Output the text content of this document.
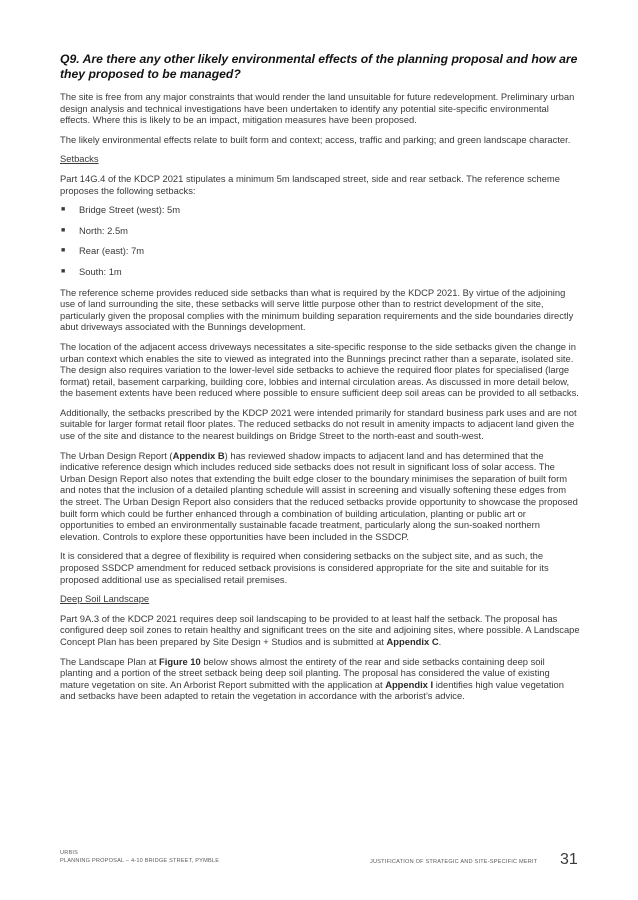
Q9. Are there any other likely environmental effects of the planning proposal and how are they proposed to be managed?

The site is free from any major constraints that would render the land unsuitable for future redevelopment. Preliminary urban design analysis and technical investigations have been undertaken to identify any potential site-specific environmental effects. Where this is likely to be an impact, mitigation measures have been proposed.

The likely environmental effects relate to built form and context; access, traffic and parking; and green landscape character.

Setbacks

Part 14G.4 of the KDCP 2021 stipulates a minimum 5m landscaped street, side and rear setback. The reference scheme proposes the following setbacks:

■ Bridge Street (west): 5m
■ North: 2.5m
■ Rear (east): 7m
■ South: 1m

The reference scheme provides reduced side setbacks than what is required by the KDCP 2021. By virtue of the adjoining use of land surrounding the site, these setbacks will serve little purpose other than to restrict development of the site, particularly given the proposal complies with the minimum building separation requirements and the side boundaries directly abut driveways associated with the Bunnings development.

The location of the adjacent access driveways necessitates a site-specific response to the side setbacks given the change in urban context which enables the site to viewed as integrated into the Bunnings precinct rather than a separate, isolated site. The design also requires variation to the lower-level side setbacks to achieve the required floor plates for specialised (large format) retail, basement carparking, building core, lobbies and internal circulation areas. As discussed in more detail below, the basement extents have been reduced where possible to ensure sufficient deep soil areas can be provided to all setbacks.

Additionally, the setbacks prescribed by the KDCP 2021 were intended primarily for standard business park uses and are not suitable for larger format retail floor plates. The reduced setbacks do not result in amenity impacts to adjacent land given the use of the site and distance to the nearest buildings on Bridge Street to the north-east and south-west.

The Urban Design Report (Appendix B) has reviewed shadow impacts to adjacent land and has determined that the indicative reference design which includes reduced side setbacks does not result in significant loss of solar access. The Urban Design Report also notes that extending the built edge closer to the boundary minimises the separation of built form and notes that the inclusion of a detailed planting schedule will assist in screening and visually softening these edges from the street. The Urban Design Report also considers that the reduced setbacks provide opportunity to showcase the proposed built form which could be further enhanced through a combination of building articulation, planting or public art or opportunities to embed an environmentally sustainable facade treatment, particularly along the sun-soaked northern elevation. Controls to explore these opportunities have been included in the SSDCP.

It is considered that a degree of flexibility is required when considering setbacks on the subject site, and as such, the proposed SSDCP amendment for reduced setback provisions is considered appropriate for the site and suitable for its proposed additional use as specialised retail premises.

Deep Soil Landscape

Part 9A.3 of the KDCP 2021 requires deep soil landscaping to be provided to at least half the setback. The proposal has configured deep soil zones to retain healthy and significant trees on the site and adjoining sites, where possible. A Landscape Concept Plan has been prepared by Site Design + Studios and is submitted at Appendix C.

The Landscape Plan at Figure 10 below shows almost the entirety of the rear and side setbacks containing deep soil planting and a portion of the street setback being deep soil planting. The proposal has considered the value of existing mature vegetation on site. An Arborist Report submitted with the application at Appendix I identifies high value vegetation and setbacks have been adapted to retain the vegetation in accordance with the arborist’s advice.

URBIS
PLANNING PROPOSAL – 4-10 BRIDGE STREET, PYMBLE	JUSTIFICATION OF STRATEGIC AND SITE-SPECIFIC MERIT 31
